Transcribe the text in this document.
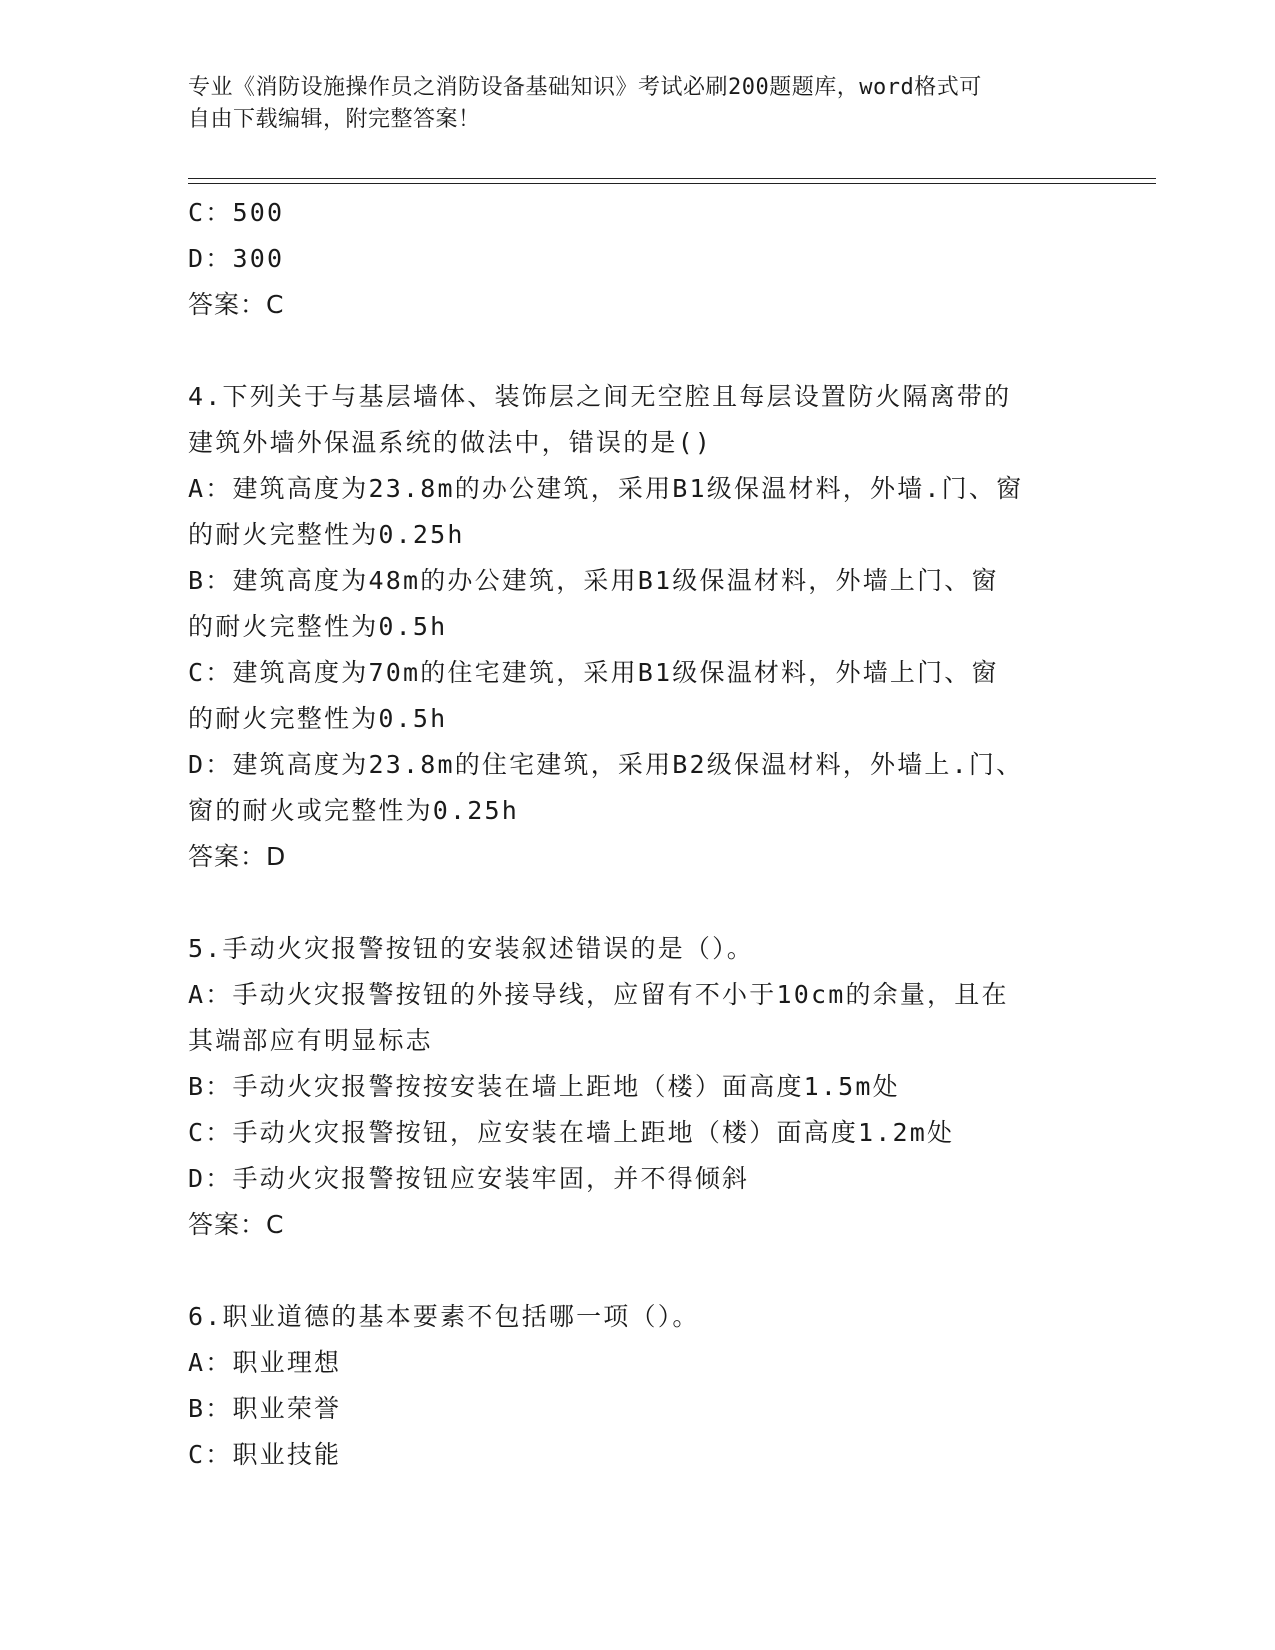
专业《消防设施操作员之消防设备基础知识》考试必刷200题题库，word格式可
自由下载编辑，附完整答案！
C：500
D：300
答案：C
4.下列关于与基层墙体、装饰层之间无空腔且每层设置防火隔离带的
建筑外墙外保温系统的做法中，错误的是()
A：建筑高度为23.8m的办公建筑，采用B1级保温材料，外墙.门、窗
的耐火完整性为0.25h
B：建筑高度为48m的办公建筑，采用B1级保温材料，外墙上门、窗
的耐火完整性为0.5h
C：建筑高度为70m的住宅建筑，采用B1级保温材料，外墙上门、窗
的耐火完整性为0.5h
D：建筑高度为23.8m的住宅建筑，采用B2级保温材料，外墙上.门、
窗的耐火或完整性为0.25h
答案：D
5.手动火灾报警按钮的安装叙述错误的是（）。
A：手动火灾报警按钮的外接导线，应留有不小于10cm的余量，且在
其端部应有明显标志
B：手动火灾报警按按安装在墙上距地（楼）面高度1.5m处
C：手动火灾报警按钮，应安装在墙上距地（楼）面高度1.2m处
D：手动火灾报警按钮应安装牢固，并不得倾斜
答案：C
6.职业道德的基本要素不包括哪一项（）。
A：职业理想
B：职业荣誉
C：职业技能
